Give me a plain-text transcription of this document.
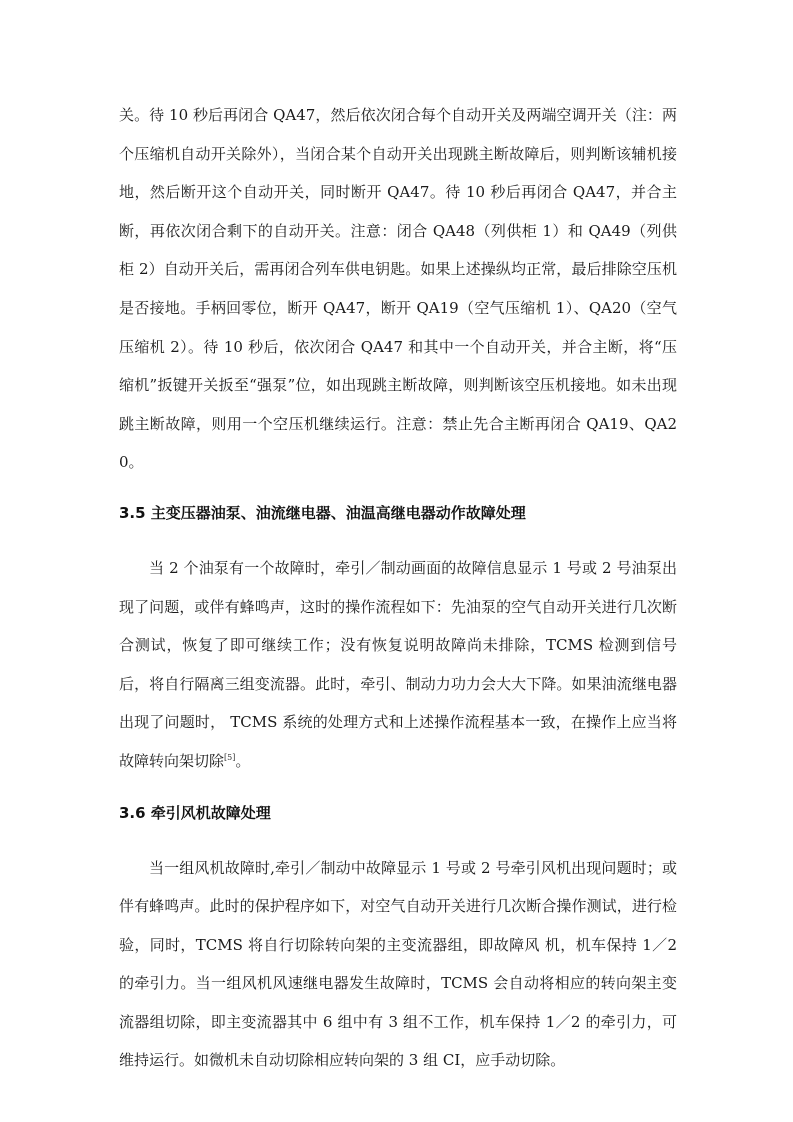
关。待 10 秒后再闭合 QA47，然后依次闭合每个自动开关及两端空调开关（注：两个压缩机自动开关除外），当闭合某个自动开关出现跳主断故障后，则判断该辅机接地，然后断开这个自动开关，同时断开 QA47。待 10 秒后再闭合 QA47，并合主断，再依次闭合剩下的自动开关。注意：闭合 QA48（列供柜 1）和 QA49（列供柜 2）自动开关后，需再闭合列车供电钥匙。如果上述操纵均正常，最后排除空压机是否接地。手柄回零位，断开 QA47，断开 QA19（空气压缩机 1）、QA20（空气压缩机 2）。待 10 秒后，依次闭合 QA47 和其中一个自动开关，并合主断，将“压缩机”扳键开关扳至“强泵”位，如出现跳主断故障，则判断该空压机接地。如未出现跳主断故障，则用一个空压机继续运行。注意：禁止先合主断再闭合 QA19、QA20。

3.5 主变压器油泵、油流继电器、油温高继电器动作故障处理

当 2 个油泵有一个故障时，牵引／制动画面的故障信息显示 1 号或 2 号油泵出现了问题，或伴有蜂鸣声，这时的操作流程如下：先油泵的空气自动开关进行几次断合测试，恢复了即可继续工作；没有恢复说明故障尚未排除，TCMS 检测到信号后，将自行隔离三组变流器。此时，牵引、制动力功力会大大下降。如果油流继电器出现了问题时， TCMS 系统的处理方式和上述操作流程基本一致，在操作上应当将故障转向架切除[5]。

3.6 牵引风机故障处理

当一组风机故障时,牵引／制动中故障显示 1 号或 2 号牵引风机出现问题时；或伴有蜂鸣声。此时的保护程序如下，对空气自动开关进行几次断合操作测试，进行检验，同时，TCMS 将自行切除转向架的主变流器组，即故障风 机，机车保持 1／2 的牵引力。当一组风机风速继电器发生故障时，TCMS 会自动将相应的转向架主变流器组切除，即主变流器其中 6 组中有 3 组不工作，机车保持 1／2 的牵引力，可维持运行。如微机未自动切除相应转向架的 3 组 CI，应手动切除。
